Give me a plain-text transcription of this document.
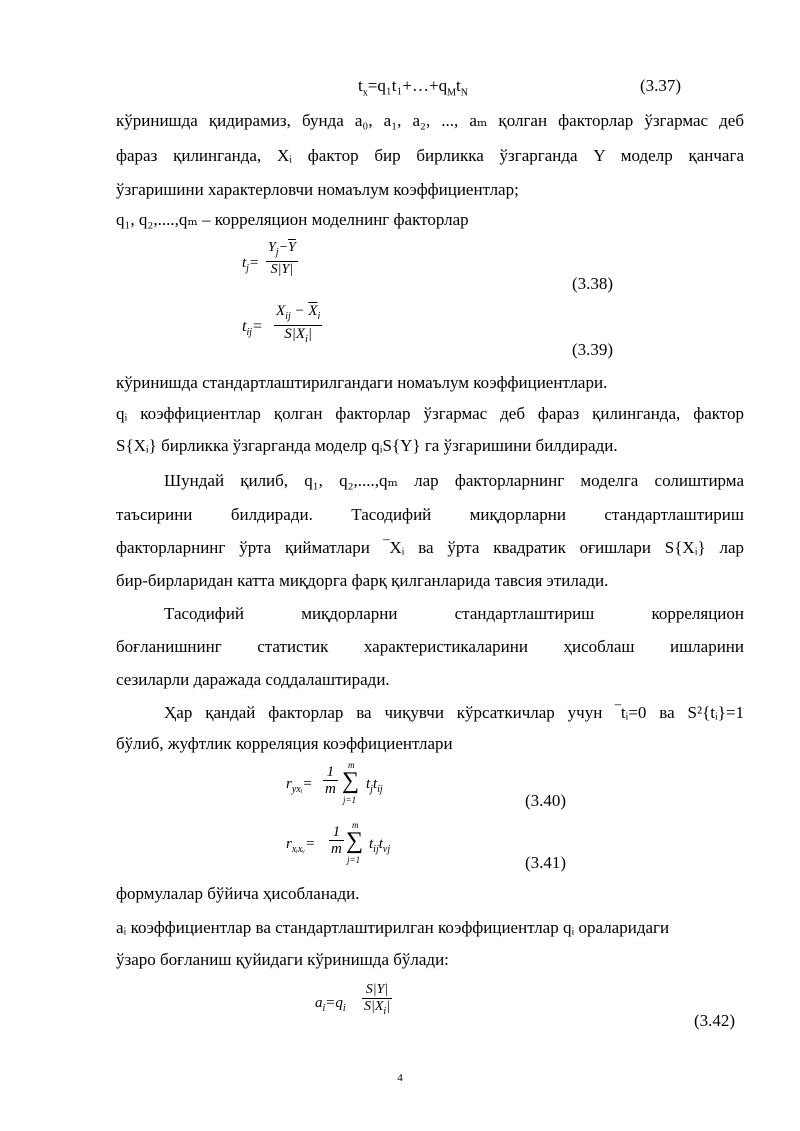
$t_x=q_1t_1+\dots+q_Mt_N$	(3.37)
кўринишда қидирамиз, бунда a₀, a₁, a₂, ..., aₘ қолган факторлар ўзгармас деб
фараз қилинганда, Xᵢ фактор бир бирликка ўзгарганда Y моделр қанчага
ўзгаришини характерловчи номаълум коэффициентлар;
q₁, q₂,....,qₘ – корреляцион моделнинг факторлар
$t_j=$
$Y_j-\overline{Y}$
S|Y|
(3.38)
$t_{ij}=$
$X_{ij} - \overline{X}_i$
$S|X_i|$
(3.39)
кўринишда стандартлаштирилгандаги номаълум коэффициентлари.
qᵢ коэффициентлар қолган факторлар ўзгармас деб фараз қилинганда, фактор
S{Xᵢ} бирликка ўзгарганда моделр qᵢS{Y} га ўзгаришини билдиради.
Шундай қилиб, q₁, q₂,....,qₘ лар факторларнинг моделга солиштирма
таъсирини билдиради. Тасодифий миқдорларни стандартлаштириш
факторларнинг ўрта қийматлари ‾Xᵢ ва ўрта квадратик оғишлари S{Xᵢ} лар
бир-бирларидан катта миқдорга фарқ қилганларида тавсия этилади.
Тасодифий миқдорларни стандартлаштириш корреляцион
боғланишнинг статистик характеристикаларини ҳисоблаш ишларини
сезиларли даражада соддалаштиради.
Ҳар қандай факторлар ва чиқувчи кўрсаткичлар учун ‾tᵢ=0 ва S²{tᵢ}=1
бўлиб, жуфтлик корреляция коэффициентлари
$r_{yxᵢ}=$
1
m
m
∑
j=1
$t_jt_{ij}$
(3.40)
$r_{xᵢxᵥ}=$
1
m
m
∑
j=1
$t_{ij}t_{vj}$
(3.41)
формулалар бўйича ҳисобланади.
aᵢ коэффициентлар ва стандартлаштирилган коэффициентлар qᵢ ораларидаги
ўзаро боғланиш қуйидаги кўринишда бўлади:
$a_i=q_i$
S|Y|
$S|X_i|$
(3.42)
4
